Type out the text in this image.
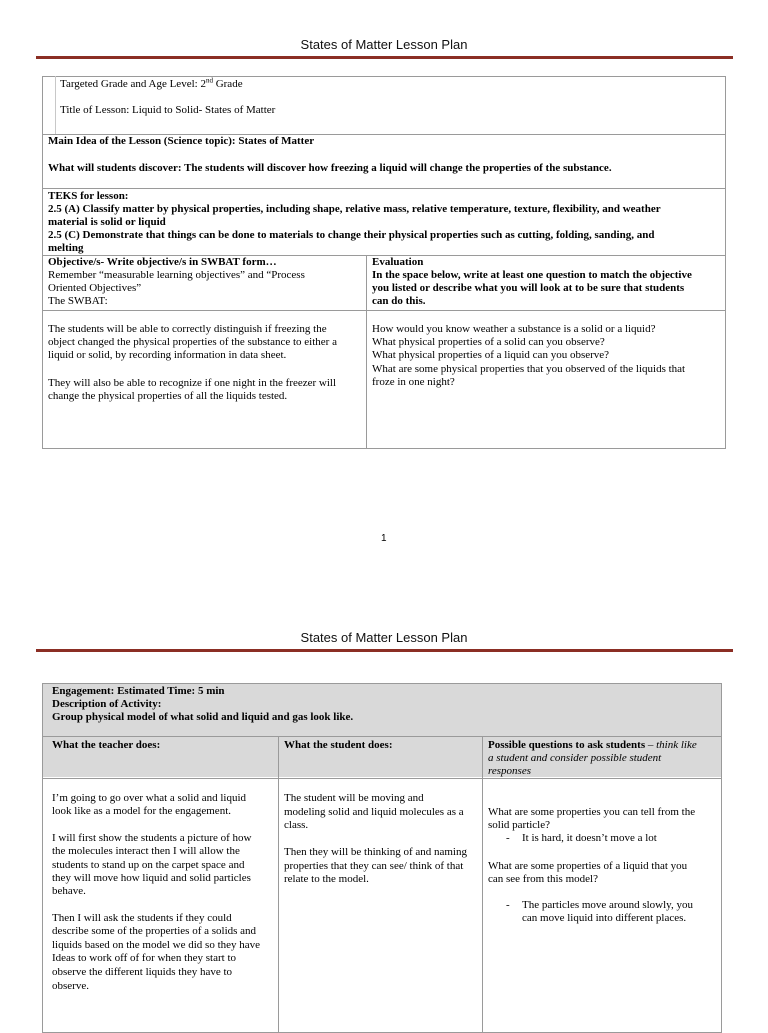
States of Matter Lesson Plan
Targeted Grade and Age Level: 2nd Grade
Title of Lesson: Liquid to Solid- States of Matter
Main Idea of the Lesson (Science topic): States of Matter
What will students discover: The students will discover how freezing a liquid will change the properties of the substance.
TEKS for lesson:
2.5 (A) Classify matter by physical properties, including shape, relative mass, relative temperature, texture, flexibility, and weather
material is solid or liquid
2.5 (C) Demonstrate that things can be done to materials to change their physical properties such as cutting, folding, sanding, and
melting
Objective/s- Write objective/s in SWBAT form…
Remember “measurable learning objectives” and “Process
Oriented Objectives”
The SWBAT:
Evaluation
In the space below, write at least one question to match the objective
you listed or describe what you will look at to be sure that students
can do this.
The students will be able to correctly distinguish if freezing the
object changed the physical properties of the substance to either a
liquid or solid, by recording information in data sheet.
They will also be able to recognize if one night in the freezer will
change the physical properties of all the liquids tested.
How would you know weather a substance is a solid or a liquid?
What physical properties of a solid can you observe?
What physical properties of a liquid can you observe?
What are some physical properties that you observed of the liquids that
froze in one night?
1
States of Matter Lesson Plan
Engagement: Estimated Time: 5 min
Description of Activity:
Group physical model of what solid and liquid and gas look like.
What the teacher does:	What the student does:	Possible questions to ask students – think like
a student and consider possible student
responses
I’m going to go over what a solid and liquid
look like as a model for the engagement.
I will first show the students a picture of how
the molecules interact then I will allow the
students to stand up on the carpet space and
they will move how liquid and solid particles
behave.
Then I will ask the students if they could
describe some of the properties of a solids and
liquids based on the model we did so they have
Ideas to work off of for when they start to
observe the different liquids they have to
observe.
The student will be moving and
modeling solid and liquid molecules as a
class.
Then they will be thinking of and naming
properties that they can see/ think of that
relate to the model.
What are some properties you can tell from the
solid particle?
- It is hard, it doesn’t move a lot
What are some properties of a liquid that you
can see from this model?
- The particles move around slowly, you
can move liquid into different places.
